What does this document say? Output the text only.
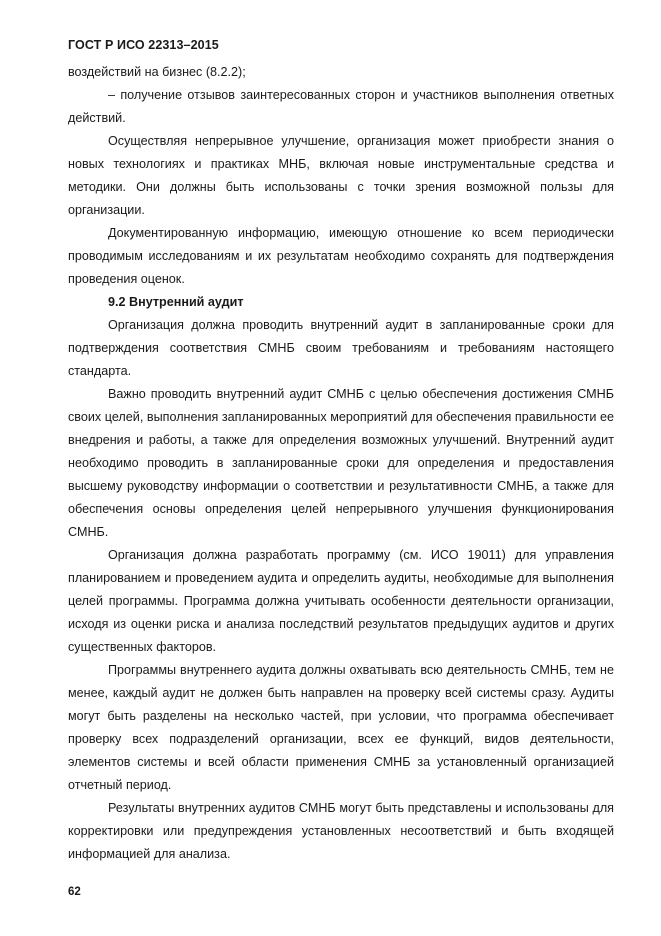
ГОСТ Р ИСО 22313–2015

воздействий на бизнес (8.2.2);

– получение отзывов заинтересованных сторон и участников выполнения ответных действий.

Осуществляя непрерывное улучшение, организация может приобрести знания о новых технологиях и практиках МНБ, включая новые инструментальные средства и методики. Они должны быть использованы с точки зрения возможной пользы для организации.

Документированную информацию, имеющую отношение ко всем периодически проводимым исследованиям и их результатам необходимо сохранять для подтверждения проведения оценок.

9.2 Внутренний аудит

Организация должна проводить внутренний аудит в запланированные сроки для подтверждения соответствия СМНБ своим требованиям и требованиям настоящего стандарта.

Важно проводить внутренний аудит СМНБ с целью обеспечения достижения СМНБ своих целей, выполнения запланированных мероприятий для обеспечения правильности ее внедрения и работы, а также для определения возможных улучшений. Внутренний аудит необходимо проводить в запланированные сроки для определения и предоставления высшему руководству информации о соответствии и результативности СМНБ, а также для обеспечения основы определения целей непрерывного улучшения функционирования СМНБ.

Организация должна разработать программу (см. ИСО 19011) для управления планированием и проведением аудита и определить аудиты, необходимые для выполнения целей программы. Программа должна учитывать особенности деятельности организации, исходя из оценки риска и анализа последствий результатов предыдущих аудитов и других существенных факторов.

Программы внутреннего аудита должны охватывать всю деятельность СМНБ, тем не менее, каждый аудит не должен быть направлен на проверку всей системы сразу. Аудиты могут быть разделены на несколько частей, при условии, что программа обеспечивает проверку всех подразделений организации, всех ее функций, видов деятельности, элементов системы и всей области применения СМНБ за установленный организацией отчетный период.

Результаты внутренних аудитов СМНБ могут быть представлены и использованы для корректировки или предупреждения установленных несоответствий и быть входящей информацией для анализа.

62
